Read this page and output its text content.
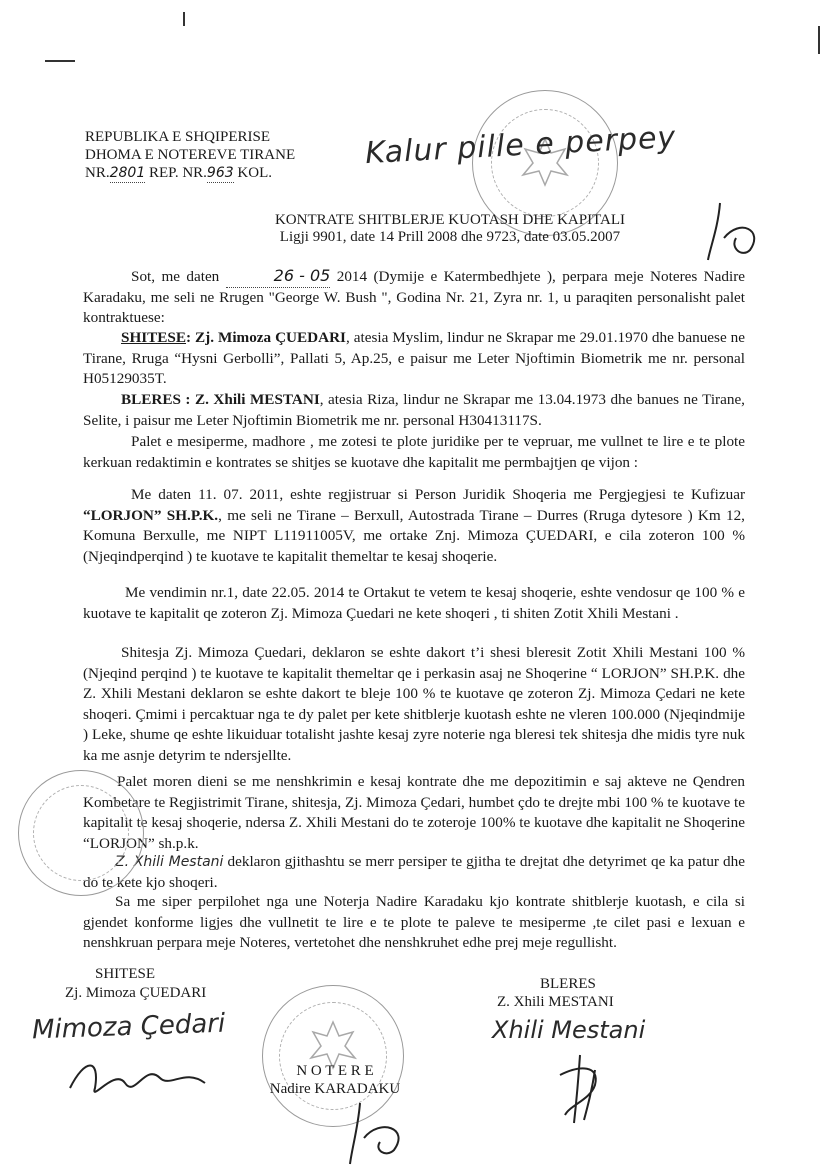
REPUBLIKA E SHQIPERISE
DHOMA E NOTEREVE TIRANE
NR.2801 REP. NR.963 KOL.
Kalur pille e perpey
KONTRATE SHITBLERJE KUOTASH DHE KAPITALI
Ligji 9901, date 14 Prill 2008 dhe 9723, date 03.05.2007
Sot, me daten	26 - 05 2014 (Dymije e Katermbedhjete ), perpara meje Noteres Nadire Karadaku, me seli ne Rrugen "George W. Bush ", Godina Nr. 21, Zyra nr. 1, u paraqiten personalisht palet kontraktuese:
SHITESE: Zj. Mimoza ÇUEDARI, atesia Myslim, lindur ne Skrapar me 29.01.1970 dhe banuese ne Tirane, Rruga “Hysni Gerbolli”, Pallati 5, Ap.25, e paisur me Leter Njoftimin Biometrik me nr. personal H05129035T.
BLERES : Z. Xhili MESTANI, atesia Riza, lindur ne Skrapar me 13.04.1973 dhe banues ne Tirane, Selite, i paisur me Leter Njoftimin Biometrik me nr. personal H30413117S.
Palet e mesiperme, madhore , me zotesi te plote juridike per te vepruar, me vullnet te lire e te plote kerkuan redaktimin e kontrates se shitjes se kuotave dhe kapitalit me permbajtjen qe vijon :
Me daten 11. 07. 2011, eshte regjistruar si Person Juridik Shoqeria me Pergjegjesi te Kufizuar “LORJON” SH.P.K., me seli ne Tirane – Berxull, Autostrada Tirane – Durres (Rruga dytesore ) Km 12, Komuna Berxulle, me NIPT L11911005V, me ortake Znj. Mimoza ÇUEDARI, e cila zoteron 100 % (Njeqindperqind ) te kuotave te kapitalit themeltar te kesaj shoqerie.
Me vendimin nr.1, date 22.05. 2014 te Ortakut te vetem te kesaj shoqerie, eshte vendosur qe 100 % e kuotave te kapitalit qe zoteron Zj. Mimoza Çuedari ne kete shoqeri , ti shiten Zotit Xhili Mestani .
Shitesja Zj. Mimoza Çuedari, deklaron se eshte dakort t’i shesi bleresit Zotit Xhili Mestani 100 % (Njeqind perqind ) te kuotave te kapitalit themeltar qe i perkasin asaj ne Shoqerine “ LORJON” SH.P.K. dhe Z. Xhili Mestani deklaron se eshte dakort te bleje 100 % te kuotave qe zoteron Zj. Mimoza Çedari ne kete shoqeri. Çmimi i percaktuar nga te dy palet per kete shitblerje kuotash eshte ne vleren 100.000 (Njeqindmije ) Leke, shume qe eshte likuiduar totalisht jashte kesaj zyre noterie nga bleresi tek shitesja dhe midis tyre nuk ka me asnje detyrim te ndersjellte.
Palet moren dieni se me nenshkrimin e kesaj kontrate dhe me depozitimin e saj akteve ne Qendren Kombetare te Regjistrimit Tirane, shitesja, Zj. Mimoza Çedari, humbet çdo te drejte mbi 100 % te kuotave te kapitalit te kesaj shoqerie, ndersa Z. Xhili Mestani do te zoteroje 100% te kuotave dhe kapitalit ne Shoqerine “LORJON” sh.p.k.
Z. Xhili Mestani deklaron gjithashtu se merr persiper te gjitha te drejtat dhe detyrimet qe ka patur dhe do te kete kjo shoqeri.
Sa me siper perpilohet nga une Noterja Nadire Karadaku kjo kontrate shitblerje kuotash, e cila si gjendet konforme ligjes dhe vullnetit te lire e te plote te paleve te mesiperme ,te cilet pasi e lexuan e nenshkruan perpara meje Noteres, vertetohet dhe nenshkruhet edhe prej meje regullisht.
SHITESE
Zj. Mimoza ÇUEDARI
Mimoza Çedari
N O T E R E
Nadire KARADAKU
BLERES
Z. Xhili MESTANI
Xhili Mestani
